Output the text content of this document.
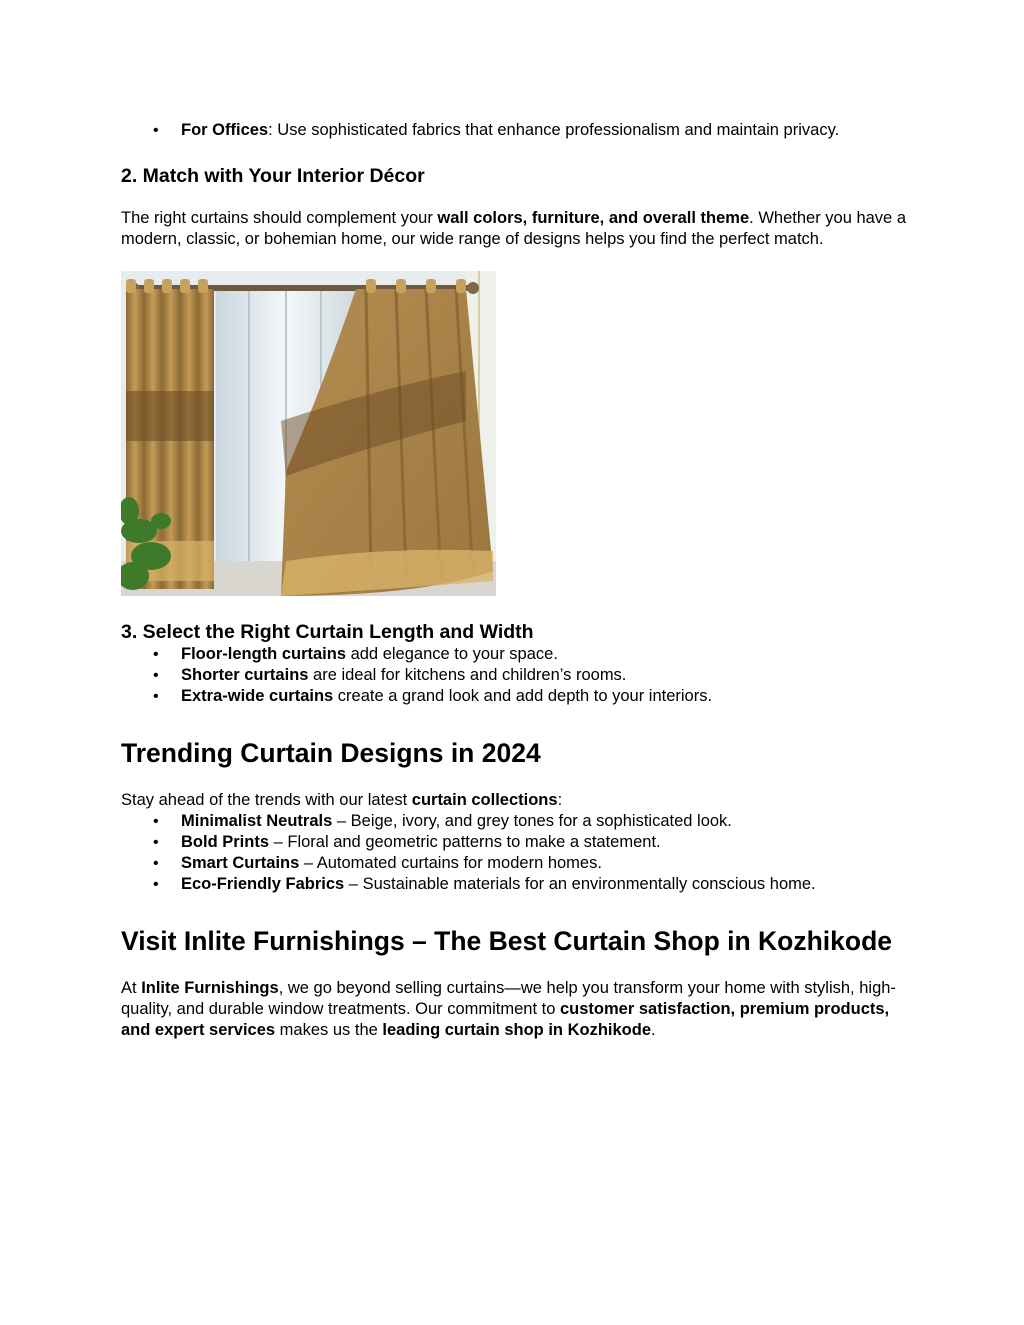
• For Offices: Use sophisticated fabrics that enhance professionalism and maintain privacy.
2. Match with Your Interior Décor

The right curtains should complement your wall colors, furniture, and overall theme. Whether you have a modern, classic, or bohemian home, our wide range of designs helps you find the perfect match.

3. Select the Right Curtain Length and Width
• Floor-length curtains add elegance to your space.
• Shorter curtains are ideal for kitchens and children’s rooms.
• Extra-wide curtains create a grand look and add depth to your interiors.
Trending Curtain Designs in 2024

Stay ahead of the trends with our latest curtain collections:

• Minimalist Neutrals – Beige, ivory, and grey tones for a sophisticated look.
• Bold Prints – Floral and geometric patterns to make a statement.
• Smart Curtains – Automated curtains for modern homes.
• Eco-Friendly Fabrics – Sustainable materials for an environmentally conscious home.
Visit Inlite Furnishings – The Best Curtain Shop in Kozhikode

At Inlite Furnishings, we go beyond selling curtains—we help you transform your home with stylish, high-quality, and durable window treatments. Our commitment to customer satisfaction, premium products, and expert services makes us the leading curtain shop in Kozhikode.
